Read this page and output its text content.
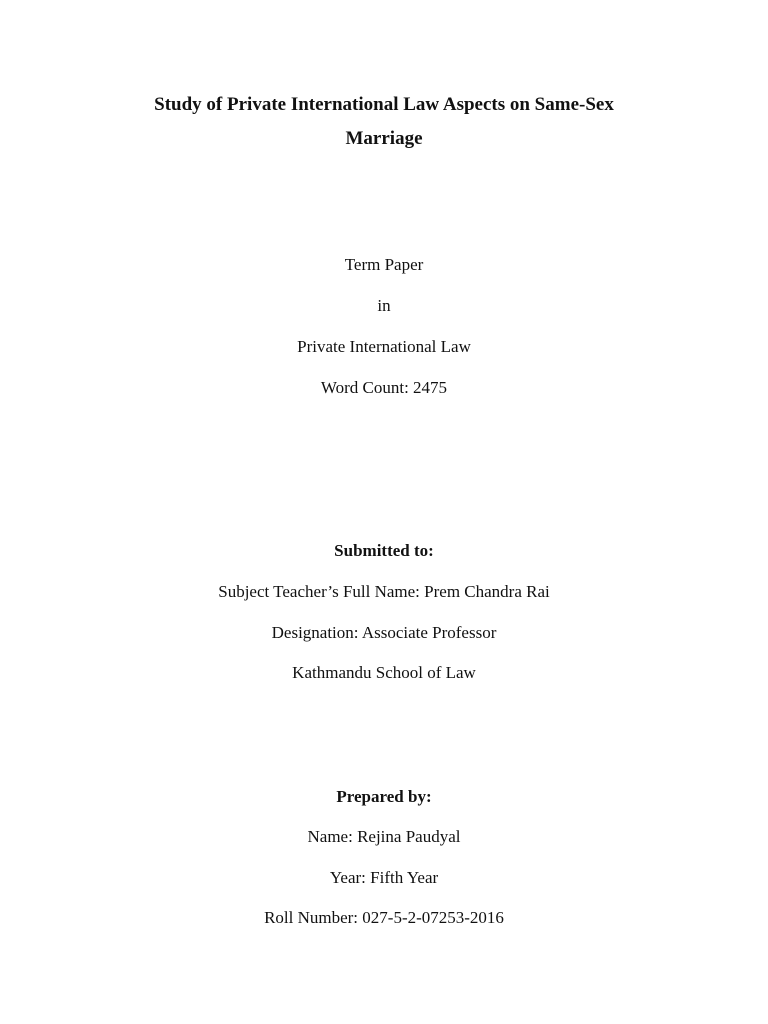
Study of Private International Law Aspects on Same-Sex
Marriage
Term Paper
in
Private International Law
Word Count: 2475
Submitted to:
Subject Teacher’s Full Name: Prem Chandra Rai
Designation: Associate Professor
Kathmandu School of Law
Prepared by:
Name: Rejina Paudyal
Year: Fifth Year
Roll Number: 027-5-2-07253-2016
